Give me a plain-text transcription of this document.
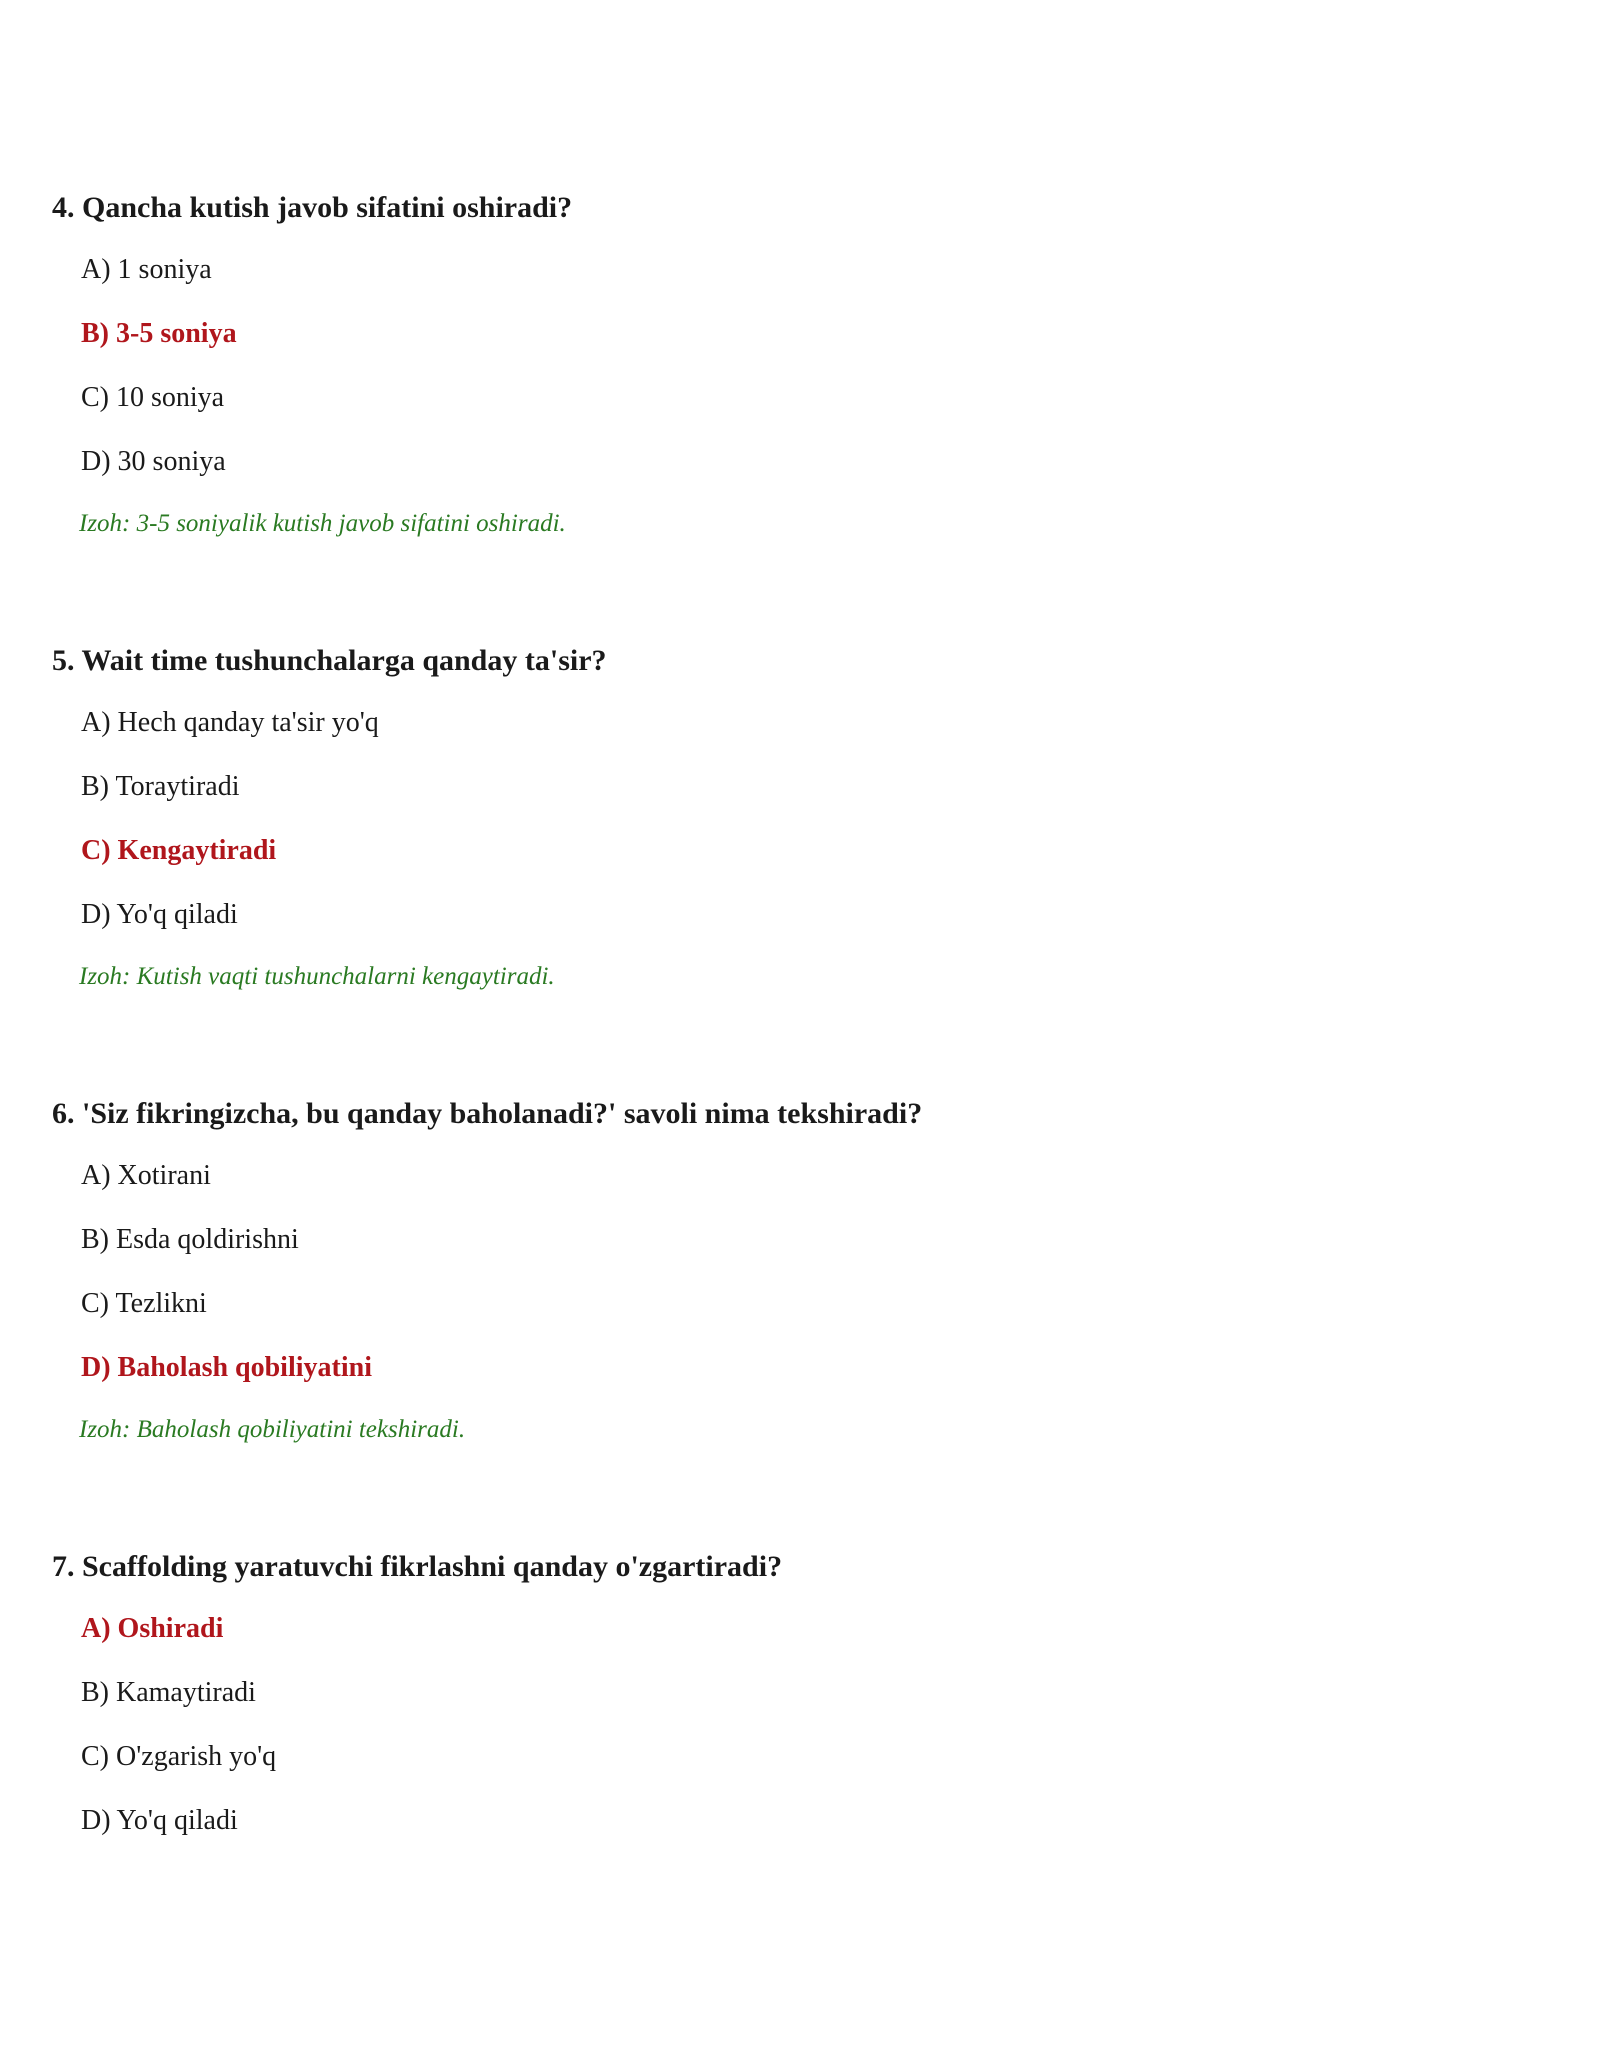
4. Qancha kutish javob sifatini oshiradi?

A) 1 soniya
B) 3-5 soniya
C) 10 soniya
D) 30 soniya
Izoh: 3-5 soniyalik kutish javob sifatini oshiradi.

5. Wait time tushunchalarga qanday ta'sir?

A) Hech qanday ta'sir yo'q
B) Toraytiradi
C) Kengaytiradi
D) Yo'q qiladi
Izoh: Kutish vaqti tushunchalarni kengaytiradi.

6. 'Siz fikringizcha, bu qanday baholanadi?' savoli nima tekshiradi?

A) Xotirani
B) Esda qoldirishni
C) Tezlikni
D) Baholash qobiliyatini
Izoh: Baholash qobiliyatini tekshiradi.

7. Scaffolding yaratuvchi fikrlashni qanday o'zgartiradi?

A) Oshiradi
B) Kamaytiradi
C) O'zgarish yo'q
D) Yo'q qiladi
